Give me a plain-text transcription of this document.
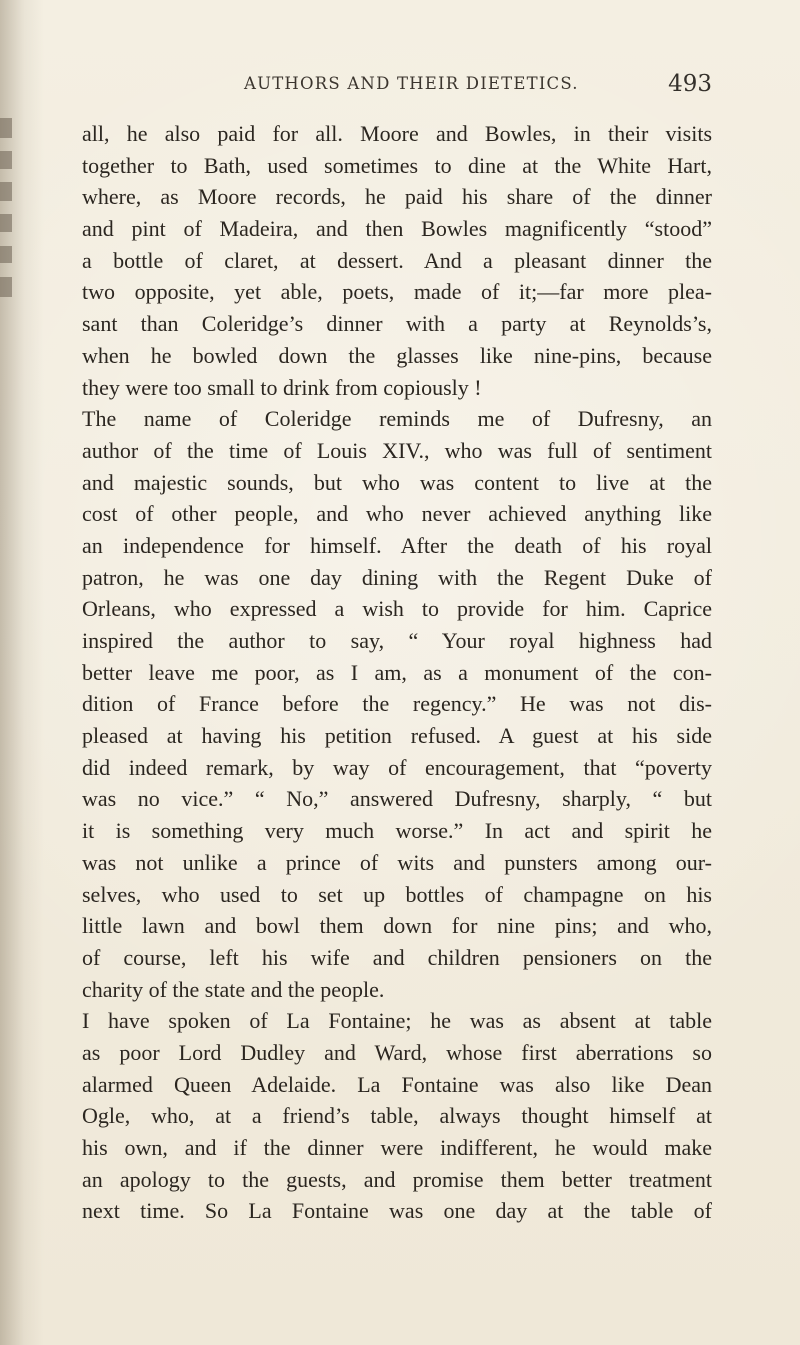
AUTHORS AND THEIR DIETETICS.	493
all, he also paid for all. Moore and Bowles, in their visits
together to Bath, used sometimes to dine at the White Hart,
where, as Moore records, he paid his share of the dinner
and pint of Madeira, and then Bowles magnificently “stood”
a bottle of claret, at dessert. And a pleasant dinner the
two opposite, yet able, poets, made of it;—far more plea-
sant than Coleridge’s dinner with a party at Reynolds’s,
when he bowled down the glasses like nine-pins, because
they were too small to drink from copiously !
The name of Coleridge reminds me of Dufresny, an
author of the time of Louis XIV., who was full of sentiment
and majestic sounds, but who was content to live at the
cost of other people, and who never achieved anything like
an independence for himself. After the death of his royal
patron, he was one day dining with the Regent Duke of
Orleans, who expressed a wish to provide for him. Caprice
inspired the author to say, “ Your royal highness had
better leave me poor, as I am, as a monument of the con-
dition of France before the regency.” He was not dis-
pleased at having his petition refused. A guest at his side
did indeed remark, by way of encouragement, that “poverty
was no vice.” “ No,” answered Dufresny, sharply, “ but
it is something very much worse.” In act and spirit he
was not unlike a prince of wits and punsters among our-
selves, who used to set up bottles of champagne on his
little lawn and bowl them down for nine pins; and who,
of course, left his wife and children pensioners on the
charity of the state and the people.
I have spoken of La Fontaine; he was as absent at table
as poor Lord Dudley and Ward, whose first aberrations so
alarmed Queen Adelaide. La Fontaine was also like Dean
Ogle, who, at a friend’s table, always thought himself at
his own, and if the dinner were indifferent, he would make
an apology to the guests, and promise them better treatment
next time. So La Fontaine was one day at the table of
